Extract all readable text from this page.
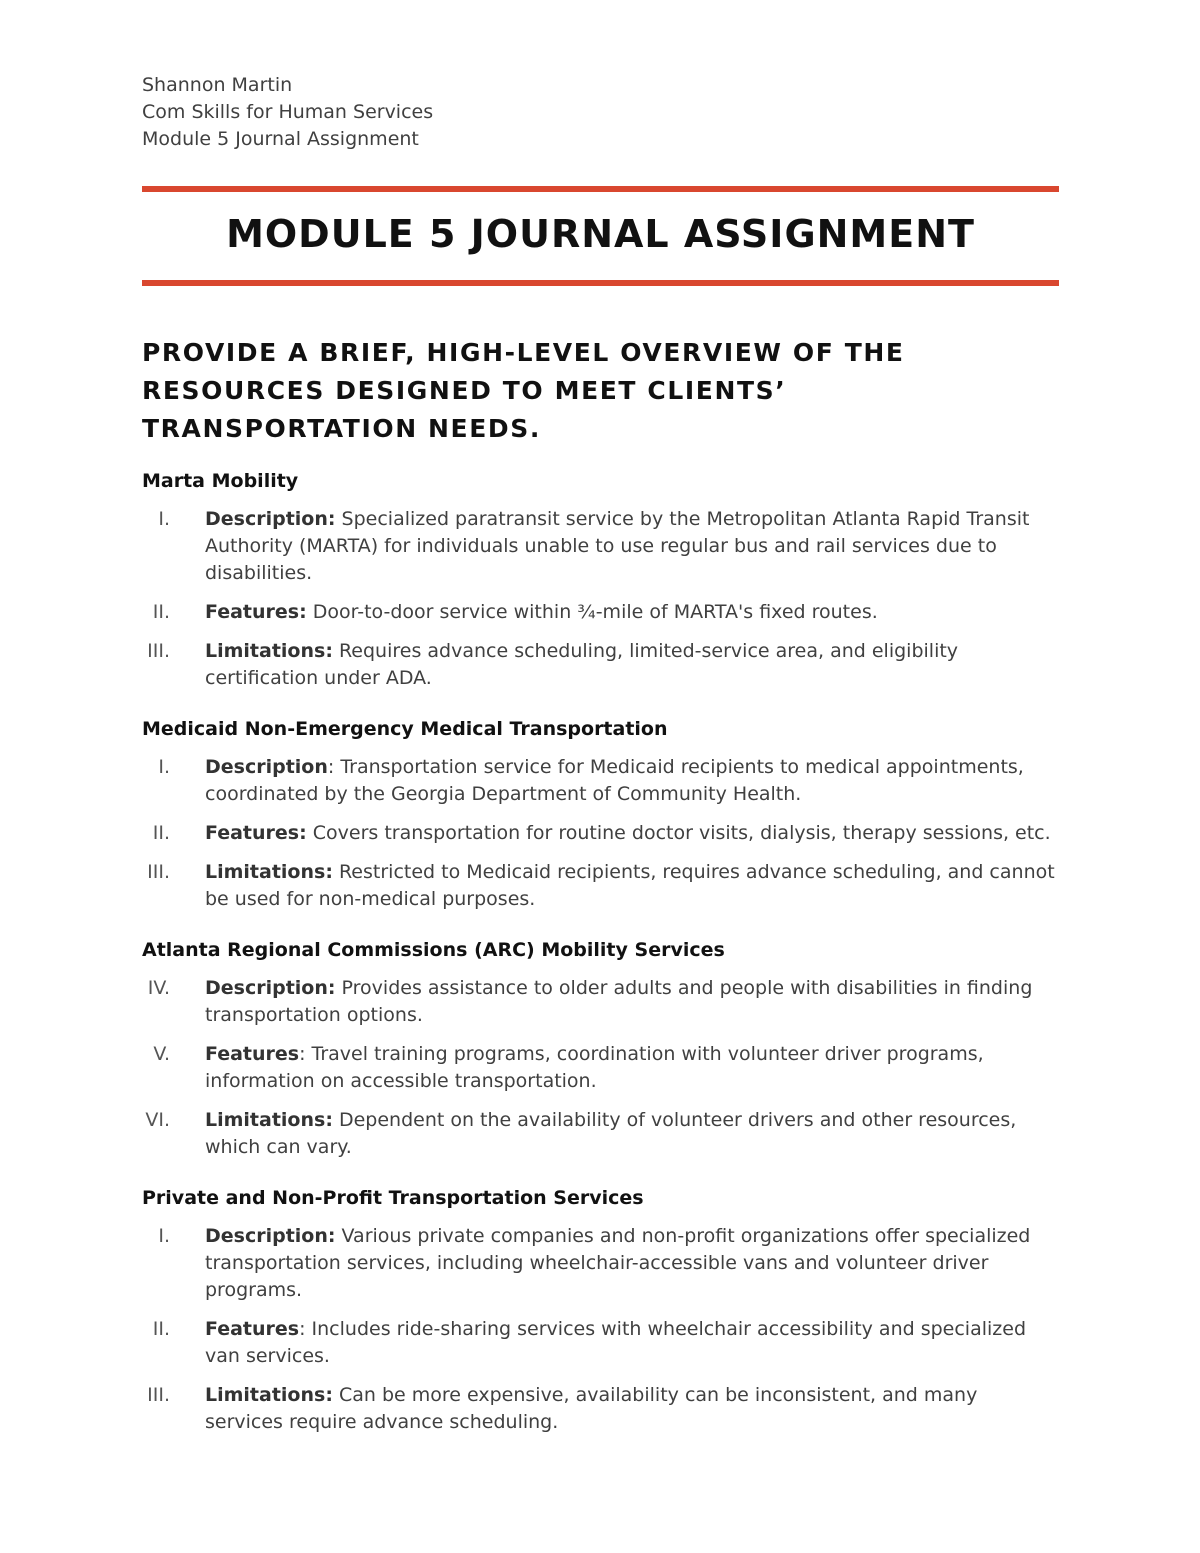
Shannon Martin

Com Skills for Human Services

Module 5 Journal Assignment

MODULE 5 JOURNAL ASSIGNMENT
PROVIDE A BRIEF, HIGH-LEVEL OVERVIEW OF THE RESOURCES DESIGNED TO MEET CLIENTS’ TRANSPORTATION NEEDS.
Marta Mobility
I. Description: Specialized paratransit service by the Metropolitan Atlanta Rapid Transit Authority (MARTA) for individuals unable to use regular bus and rail services due to disabilities.
II. Features: Door-to-door service within ¾-mile of MARTA's fixed routes.
III. Limitations: Requires advance scheduling, limited-service area, and eligibility certification under ADA.
Medicaid Non-Emergency Medical Transportation
I. Description: Transportation service for Medicaid recipients to medical appointments, coordinated by the Georgia Department of Community Health.
II. Features: Covers transportation for routine doctor visits, dialysis, therapy sessions, etc.
III. Limitations: Restricted to Medicaid recipients, requires advance scheduling, and cannot be used for non-medical purposes.
Atlanta Regional Commissions (ARC) Mobility Services
IV. Description: Provides assistance to older adults and people with disabilities in finding transportation options.
V. Features: Travel training programs, coordination with volunteer driver programs, information on accessible transportation.
VI. Limitations: Dependent on the availability of volunteer drivers and other resources, which can vary.
Private and Non-Profit Transportation Services
I. Description: Various private companies and non-profit organizations offer specialized transportation services, including wheelchair-accessible vans and volunteer driver programs.
II. Features: Includes ride-sharing services with wheelchair accessibility and specialized van services.
III. Limitations: Can be more expensive, availability can be inconsistent, and many services require advance scheduling.
